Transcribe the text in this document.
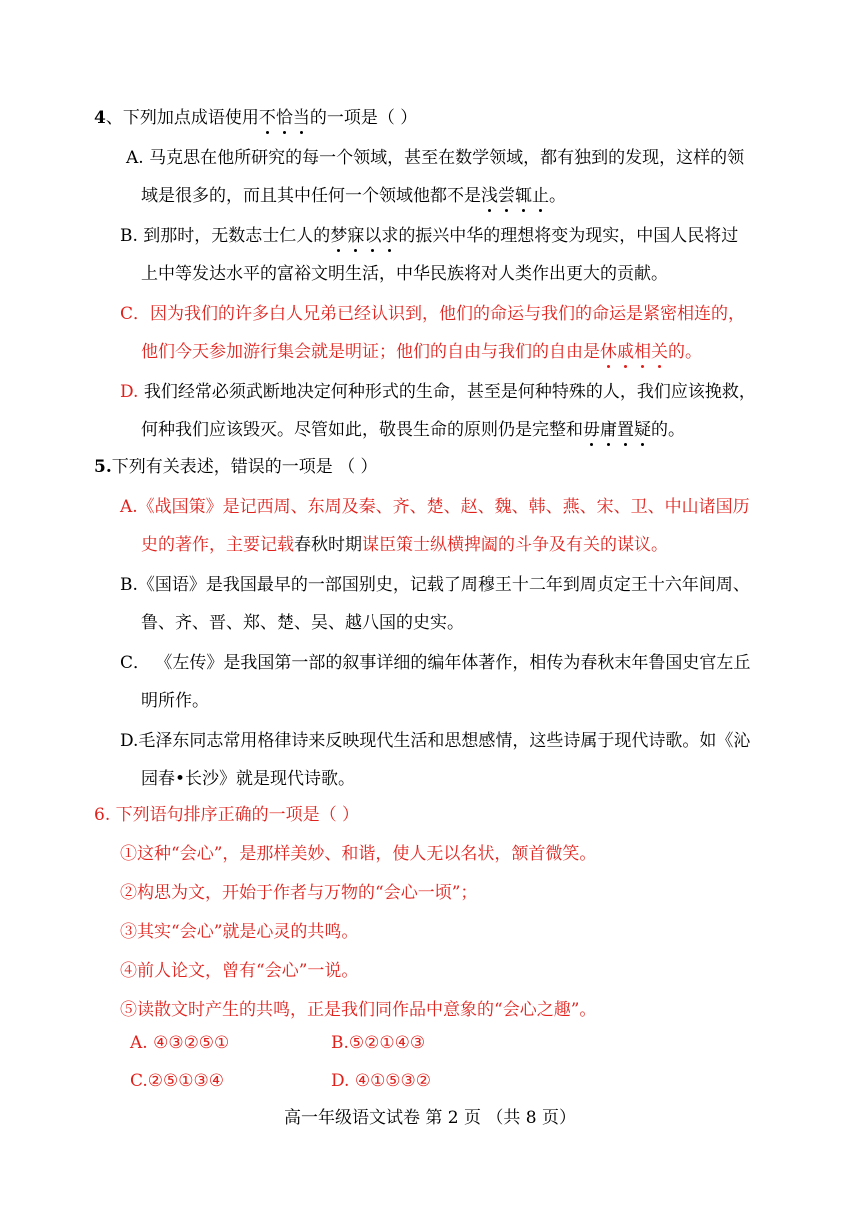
4、下列加点成语使用不恰当的一项是（ ）
A. 马克思在他所研究的每一个领域，甚至在数学领域，都有独到的发现，这样的领
域是很多的，而且其中任何一个领域他都不是浅尝辄止。
B. 到那时，无数志士仁人的梦寐以求的振兴中华的理想将变为现实，中国人民将过
上中等发达水平的富裕文明生活，中华民族将对人类作出更大的贡献。
C．因为我们的许多白人兄弟已经认识到，他们的命运与我们的命运是紧密相连的，
他们今天参加游行集会就是明证；他们的自由与我们的自由是休戚相关的。
D. 我们经常必须武断地决定何种形式的生命，甚至是何种特殊的人，我们应该挽救，
何种我们应该毁灭。尽管如此，敬畏生命的原则仍是完整和毋庸置疑的。
5.下列有关表述，错误的一项是 （ ）
A.《战国策》是记西周、东周及秦、齐、楚、赵、魏、韩、燕、宋、卫、中山诸国历
史的著作，主要记载春秋时期谋臣策士纵横捭阖的斗争及有关的谋议。
B.《国语》是我国最早的一部国别史，记载了周穆王十二年到周贞定王十六年间周、
鲁、齐、晋、郑、楚、吴、越八国的史实。
C． 《左传》是我国第一部的叙事详细的编年体著作，相传为春秋末年鲁国史官左丘
明所作。
D.毛泽东同志常用格律诗来反映现代生活和思想感情，这些诗属于现代诗歌。如《沁
园春•长沙》就是现代诗歌。
6. 下列语句排序正确的一项是（ ）
①这种“会心”，是那样美妙、和谐，使人无以名状，颔首微笑。
②构思为文，开始于作者与万物的“会心一顷”；
③其实“会心”就是心灵的共鸣。
④前人论文，曾有“会心”一说。
⑤读散文时产生的共鸣，正是我们同作品中意象的“会心之趣”。
A. ④③②⑤①	B.⑤②①④③
C.②⑤①③④	D. ④①⑤③②
高一年级语文试卷 第 2 页 （共 8 页）
